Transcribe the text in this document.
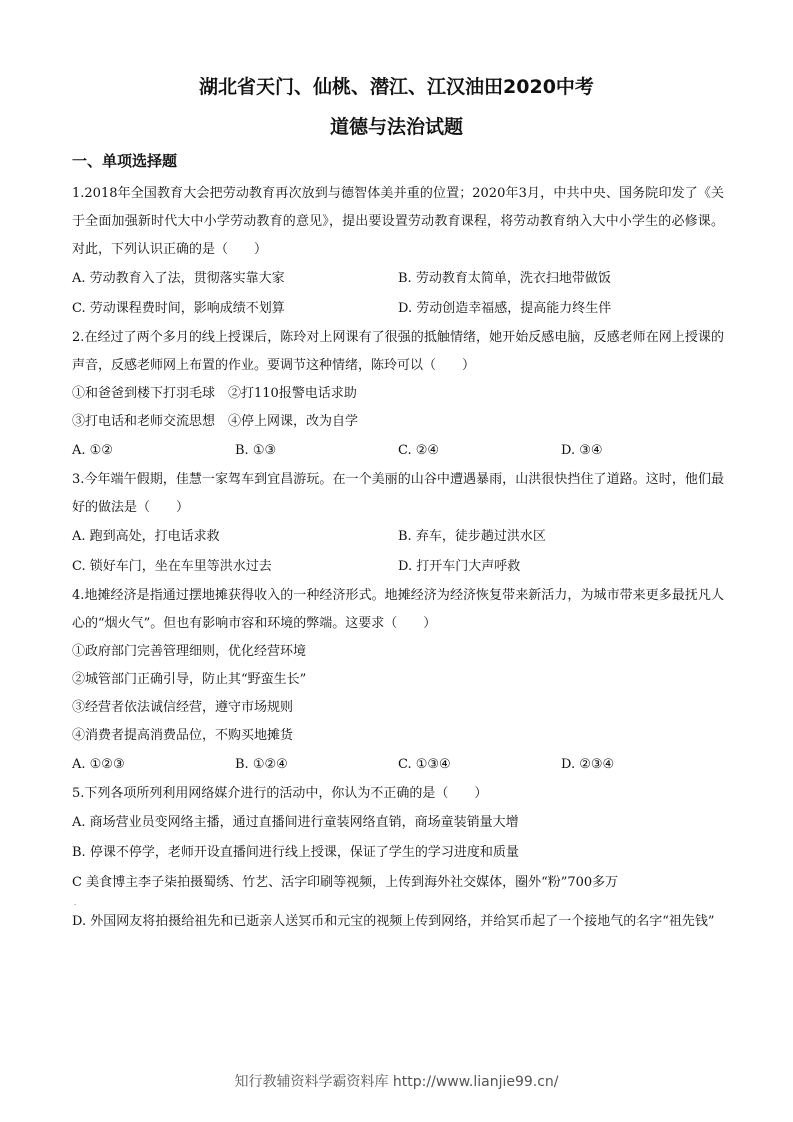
湖北省天门、仙桃、潜江、江汉油田2020中考
道德与法治试题
一、单项选择题

1.2018年全国教育大会把劳动教育再次放到与德智体美并重的位置；2020年3月，中共中央、国务院印发了《关于全面加强新时代大中小学劳动教育的意见》，提出要设置劳动教育课程，将劳动教育纳入大中小学生的必修课。对此，下列认识正确的是（　　）

A. 劳动教育入了法，贯彻落实靠大家	B. 劳动教育太简单，洗衣扫地带做饭
C. 劳动课程费时间，影响成绩不划算	D. 劳动创造幸福感，提高能力终生伴

2.在经过了两个多月的线上授课后，陈玲对上网课有了很强的抵触情绪，她开始反感电脑，反感老师在网上授课的声音，反感老师网上布置的作业。要调节这种情绪，陈玲可以（　　）

①和爸爸到楼下打羽毛球　②打110报警电话求助

③打电话和老师交流思想　④停上网课，改为自学

A. ①②	B. ①③	C. ②④	D. ③④

3.今年端午假期，佳慧一家驾车到宜昌游玩。在一个美丽的山谷中遭遇暴雨，山洪很快挡住了道路。这时，他们最好的做法是（　　）

A. 跑到高处，打电话求救	B. 弃车，徒步趟过洪水区
C. 锁好车门，坐在车里等洪水过去	D. 打开车门大声呼救

4.地摊经济是指通过摆地摊获得收入的一种经济形式。地摊经济为经济恢复带来新活力，为城市带来更多最抚凡人心的“烟火气”。但也有影响市容和环境的弊端。这要求（　　）

①政府部门完善管理细则，优化经营环境

②城管部门正确引导，防止其“野蛮生长”

③经营者依法诚信经营，遵守市场规则

④消费者提高消费品位，不购买地摊货

A. ①②③	B. ①②④	C. ①③④	D. ②③④

5.下列各项所列利用网络媒介进行的活动中，你认为不正确的是（　　）

A. 商场营业员变网络主播，通过直播间进行童装网络直销，商场童装销量大增

B. 停课不停学，老师开设直播间进行线上授课，保证了学生的学习进度和质量

C 美食博主李子柒拍摄蜀绣、竹艺、活字印刷等视频，上传到海外社交媒体，圈外“粉”700多万

.

D. 外国网友将拍摄给祖先和已逝亲人送冥币和元宝的视频上传到网络，并给冥币起了一个接地气的名字“祖先钱”

知行教辅资料学霸资料库 http://www.lianjie99.cn/
